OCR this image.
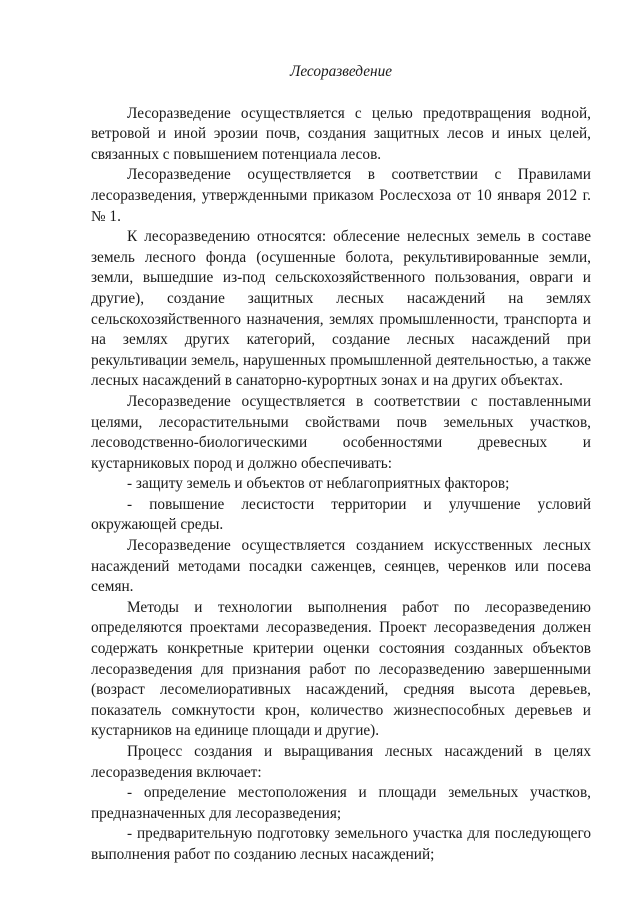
Лесоразведение

Лесоразведение осуществляется с целью предотвращения водной, ветровой и иной эрозии почв, создания защитных лесов и иных целей, связанных с повышением потенциала лесов.

Лесоразведение осуществляется в соответствии с Правилами лесоразведения, утвержденными приказом Рослесхоза от 10 января 2012 г. № 1.

К лесоразведению относятся: облесение нелесных земель в составе земель лесного фонда (осушенные болота, рекультивированные земли, земли, вышедшие из-под сельскохозяйственного пользования, овраги и другие), создание защитных лесных насаждений на землях сельскохозяйственного назначения, землях промышленности, транспорта и на землях других категорий, создание лесных насаждений при рекультивации земель, нарушенных промышленной деятельностью, а также лесных насаждений в санаторно-курортных зонах и на других объектах.

Лесоразведение осуществляется в соответствии с поставленными целями, лесорастительными свойствами почв земельных участков, лесоводственно-биологическими особенностями древесных и кустарниковых пород и должно обеспечивать:

- защиту земель и объектов от неблагоприятных факторов;

- повышение лесистости территории и улучшение условий окружающей среды.

Лесоразведение осуществляется созданием искусственных лесных насаждений методами посадки саженцев, сеянцев, черенков или посева семян.

Методы и технологии выполнения работ по лесоразведению определяются проектами лесоразведения. Проект лесоразведения должен содержать конкретные критерии оценки состояния созданных объектов лесоразведения для признания работ по лесоразведению завершенными (возраст лесомелиоративных насаждений, средняя высота деревьев, показатель сомкнутости крон, количество жизнеспособных деревьев и кустарников на единице площади и другие).

Процесс создания и выращивания лесных насаждений в целях лесоразведения включает:

- определение местоположения и площади земельных участков, предназначенных для лесоразведения;

- предварительную подготовку земельного участка для последующего выполнения работ по созданию лесных насаждений;
